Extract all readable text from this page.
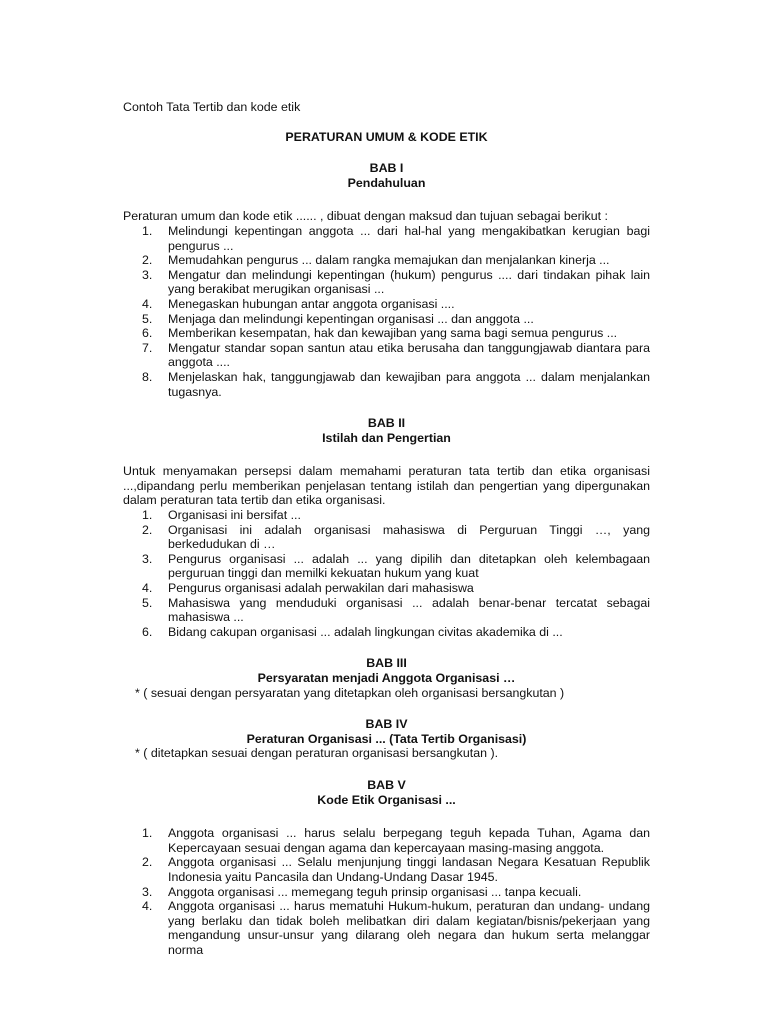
Contoh Tata Tertib dan kode etik

PERATURAN UMUM & KODE ETIK

BAB I

Pendahuluan

Peraturan umum dan kode etik ...... , dibuat dengan maksud dan tujuan sebagai berikut :

1. Melindungi kepentingan anggota ... dari hal-hal yang mengakibatkan kerugian bagi pengurus ...
2. Memudahkan pengurus ... dalam rangka memajukan dan menjalankan kinerja ...
3. Mengatur dan melindungi kepentingan (hukum) pengurus .... dari tindakan pihak lain yang berakibat merugikan organisasi ...
4. Menegaskan hubungan antar anggota organisasi ....
5. Menjaga dan melindungi kepentingan organisasi ... dan anggota ...
6. Memberikan kesempatan, hak dan kewajiban yang sama bagi semua pengurus ...
7. Mengatur standar sopan santun atau etika berusaha dan tanggungjawab diantara para anggota ....
8. Menjelaskan hak, tanggungjawab dan kewajiban para anggota ... dalam menjalankan tugasnya.

BAB II

Istilah dan Pengertian

Untuk menyamakan persepsi dalam memahami peraturan tata tertib dan etika organisasi ...,dipandang perlu memberikan penjelasan tentang istilah dan pengertian yang dipergunakan dalam peraturan tata tertib dan etika organisasi.

1. Organisasi ini bersifat ...
2. Organisasi ini adalah organisasi mahasiswa di Perguruan Tinggi …, yang berkedudukan di …
3. Pengurus organisasi ... adalah ... yang dipilih dan ditetapkan oleh kelembagaan perguruan tinggi dan memilki kekuatan hukum yang kuat
4. Pengurus organisasi adalah perwakilan dari mahasiswa
5. Mahasiswa yang menduduki organisasi ... adalah benar-benar tercatat sebagai mahasiswa ...
6. Bidang cakupan organisasi ... adalah lingkungan civitas akademika di ...

BAB III

Persyaratan menjadi Anggota Organisasi …

* ( sesuai dengan persyaratan yang ditetapkan oleh organisasi bersangkutan )

BAB IV

Peraturan Organisasi ... (Tata Tertib Organisasi)

* ( ditetapkan sesuai dengan peraturan organisasi bersangkutan ).

BAB V

Kode Etik Organisasi ...

1. Anggota organisasi ... harus selalu berpegang teguh kepada Tuhan, Agama dan Kepercayaan sesuai dengan agama dan kepercayaan masing-masing anggota.
2. Anggota organisasi ... Selalu menjunjung tinggi landasan Negara Kesatuan Republik Indonesia yaitu Pancasila dan Undang-Undang Dasar 1945.
3. Anggota organisasi ... memegang teguh prinsip organisasi ... tanpa kecuali.
4. Anggota organisasi ... harus mematuhi Hukum-hukum, peraturan dan undang- undang yang berlaku dan tidak boleh melibatkan diri dalam kegiatan/bisnis/pekerjaan yang mengandung unsur-unsur yang dilarang oleh negara dan hukum serta melanggar norma
